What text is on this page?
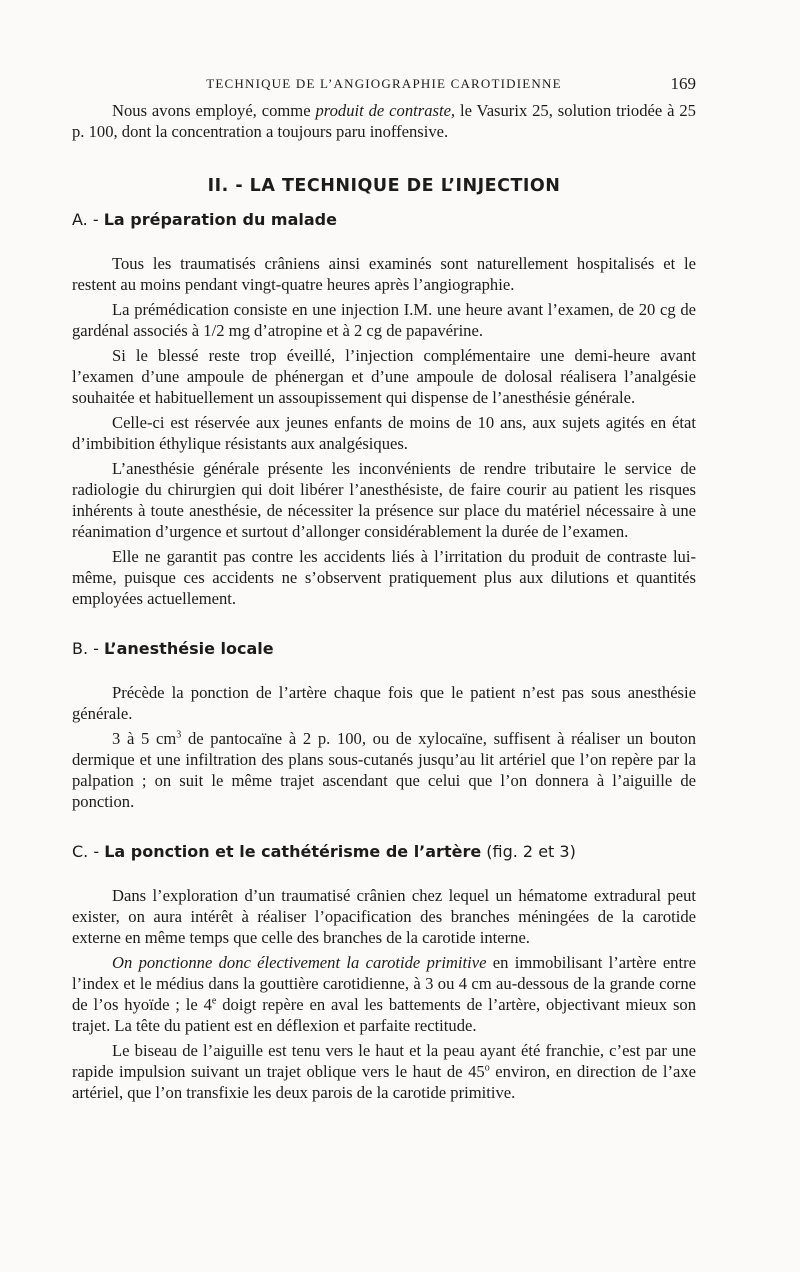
TECHNIQUE DE L’ANGIOGRAPHIE CAROTIDIENNE	169

Nous avons employé, comme produit de contraste, le Vasurix 25, solution triodée à 25 p. 100, dont la concentration a toujours paru inoffensive.

II. - LA TECHNIQUE DE L’INJECTION
A. - La préparation du malade

Tous les traumatisés crâniens ainsi examinés sont naturellement hospitalisés et le restent au moins pendant vingt-quatre heures après l’angiographie.

La prémédication consiste en une injection I.M. une heure avant l’examen, de 20 cg de gardénal associés à 1/2 mg d’atropine et à 2 cg de papavérine.

Si le blessé reste trop éveillé, l’injection complémentaire une demi-heure avant l’examen d’une ampoule de phénergan et d’une ampoule de dolosal réalisera l’analgésie souhaitée et habituellement un assoupissement qui dispense de l’anesthésie générale.

Celle-ci est réservée aux jeunes enfants de moins de 10 ans, aux sujets agités en état d’imbibition éthylique résistants aux analgésiques.

L’anesthésie générale présente les inconvénients de rendre tributaire le service de radiologie du chirurgien qui doit libérer l’anesthésiste, de faire courir au patient les risques inhérents à toute anesthésie, de nécessiter la présence sur place du matériel nécessaire à une réanimation d’urgence et surtout d’allonger considérablement la durée de l’examen.

Elle ne garantit pas contre les accidents liés à l’irritation du produit de contraste lui-même, puisque ces accidents ne s’observent pratiquement plus aux dilutions et quantités employées actuellement.

B. - L’anesthésie locale

Précède la ponction de l’artère chaque fois que le patient n’est pas sous anesthésie générale.

3 à 5 $cm^3$ de pantocaïne à 2 p. 100, ou de xylocaïne, suffisent à réaliser un bouton dermique et une infiltration des plans sous-cutanés jusqu’au lit artériel que l’on repère par la palpation ; on suit le même trajet ascendant que celui que l’on donnera à l’aiguille de ponction.

C. - La ponction et le cathétérisme de l’artère (fig. 2 et 3)

Dans l’exploration d’un traumatisé crânien chez lequel un hématome extradural peut exister, on aura intérêt à réaliser l’opacification des branches méningées de la carotide externe en même temps que celle des branches de la carotide interne.

On ponctionne donc électivement la carotide primitive en immobilisant l’artère entre l’index et le médius dans la gouttière carotidienne, à 3 ou 4 cm au-dessous de la grande corne de l’os hyoïde ; le 4e doigt repère en aval les battements de l’artère, objectivant mieux son trajet. La tête du patient est en déflexion et parfaite rectitude.

Le biseau de l’aiguille est tenu vers le haut et la peau ayant été franchie, c’est par une rapide impulsion suivant un trajet oblique vers le haut de 45$^o$ environ, en direction de l’axe artériel, que l’on transfixie les deux parois de la carotide primitive.
